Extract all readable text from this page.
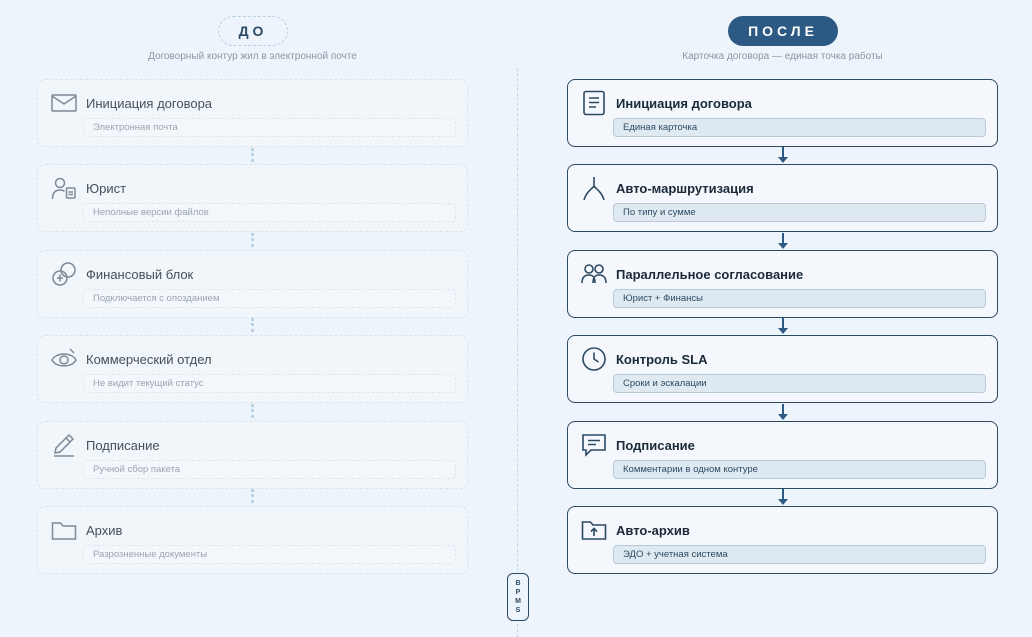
ДО
Договорный контур жил в электронной почте
Инициация договора
Электронная почта
Юрист
Неполные версии файлов
Финансовый блок
Подключается с опозданием
Коммерческий отдел
Не видит текущий статус
Подписание
Ручной сбор пакета
Архив
Разрозненные документы
B
P
M
S
ПОСЛЕ
Карточка договора — единая точка работы
Инициация договора
Единая карточка
Авто-маршрутизация
По типу и сумме
Параллельное согласование
Юрист + Финансы
Контроль SLA
Сроки и эскалации
Подписание
Комментарии в одном контуре
Авто-архив
ЭДО + учетная система
